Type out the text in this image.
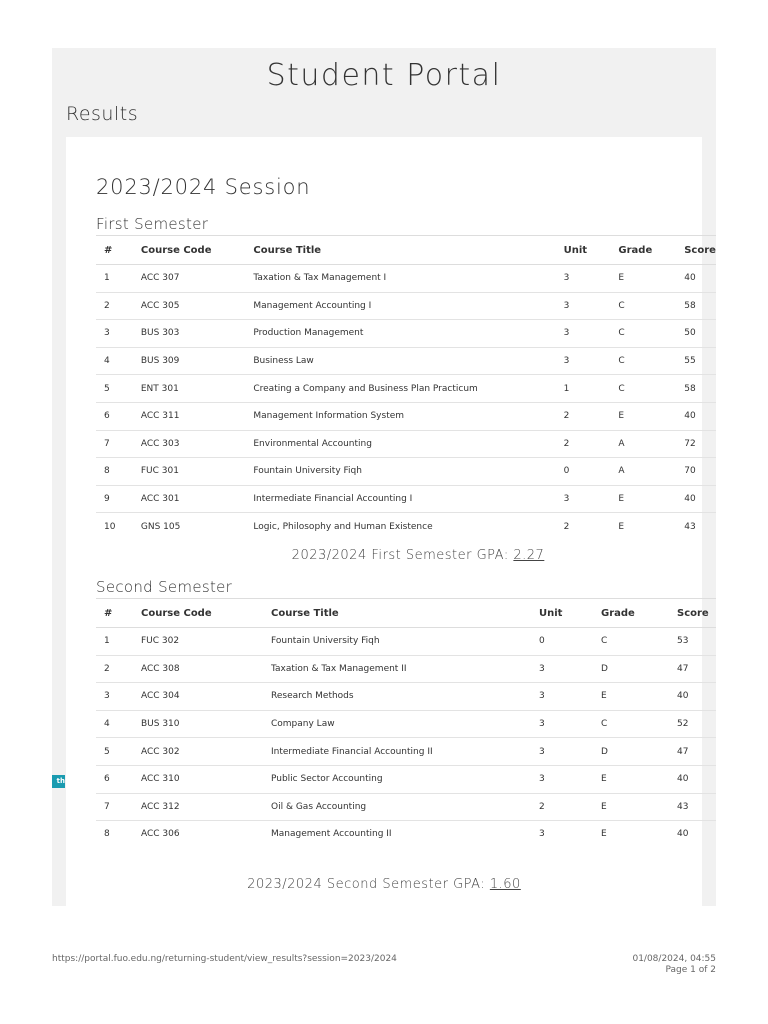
Student Portal
Results
2023/2024 Session
First Semester
#	Course Code	Course Title	Unit	Grade	Score
1	ACC 307	Taxation & Tax Management I	3	E	40
2	ACC 305	Management Accounting I	3	C	58
3	BUS 303	Production Management	3	C	50
4	BUS 309	Business Law	3	C	55
5	ENT 301	Creating a Company and Business Plan Practicum	1	C	58
6	ACC 311	Management Information System	2	E	40
7	ACC 303	Environmental Accounting	2	A	72
8	FUC 301	Fountain University Fiqh	0	A	70
9	ACC 301	Intermediate Financial Accounting I	3	E	40
10	GNS 105	Logic, Philosophy and Human Existence	2	E	43
2023/2024 First Semester GPA: 2.27
Second Semester
#	Course Code	Course Title	Unit	Grade	Score
1	FUC 302	Fountain University Fiqh	0	C	53
2	ACC 308	Taxation & Tax Management II	3	D	47
3	ACC 304	Research Methods	3	E	40
4	BUS 310	Company Law	3	C	52
5	ACC 302	Intermediate Financial Accounting II	3	D	47
6	ACC 310	Public Sector Accounting	3	E	40
7	ACC 312	Oil & Gas Accounting	2	E	43
8	ACC 306	Management Accounting II	3	E	40
2023/2024 Second Semester GPA: 1.60
th
https://portal.fuo.edu.ng/returning-student/view_results?session=2023/2024	01/08/2024, 04:55
Page 1 of 2
